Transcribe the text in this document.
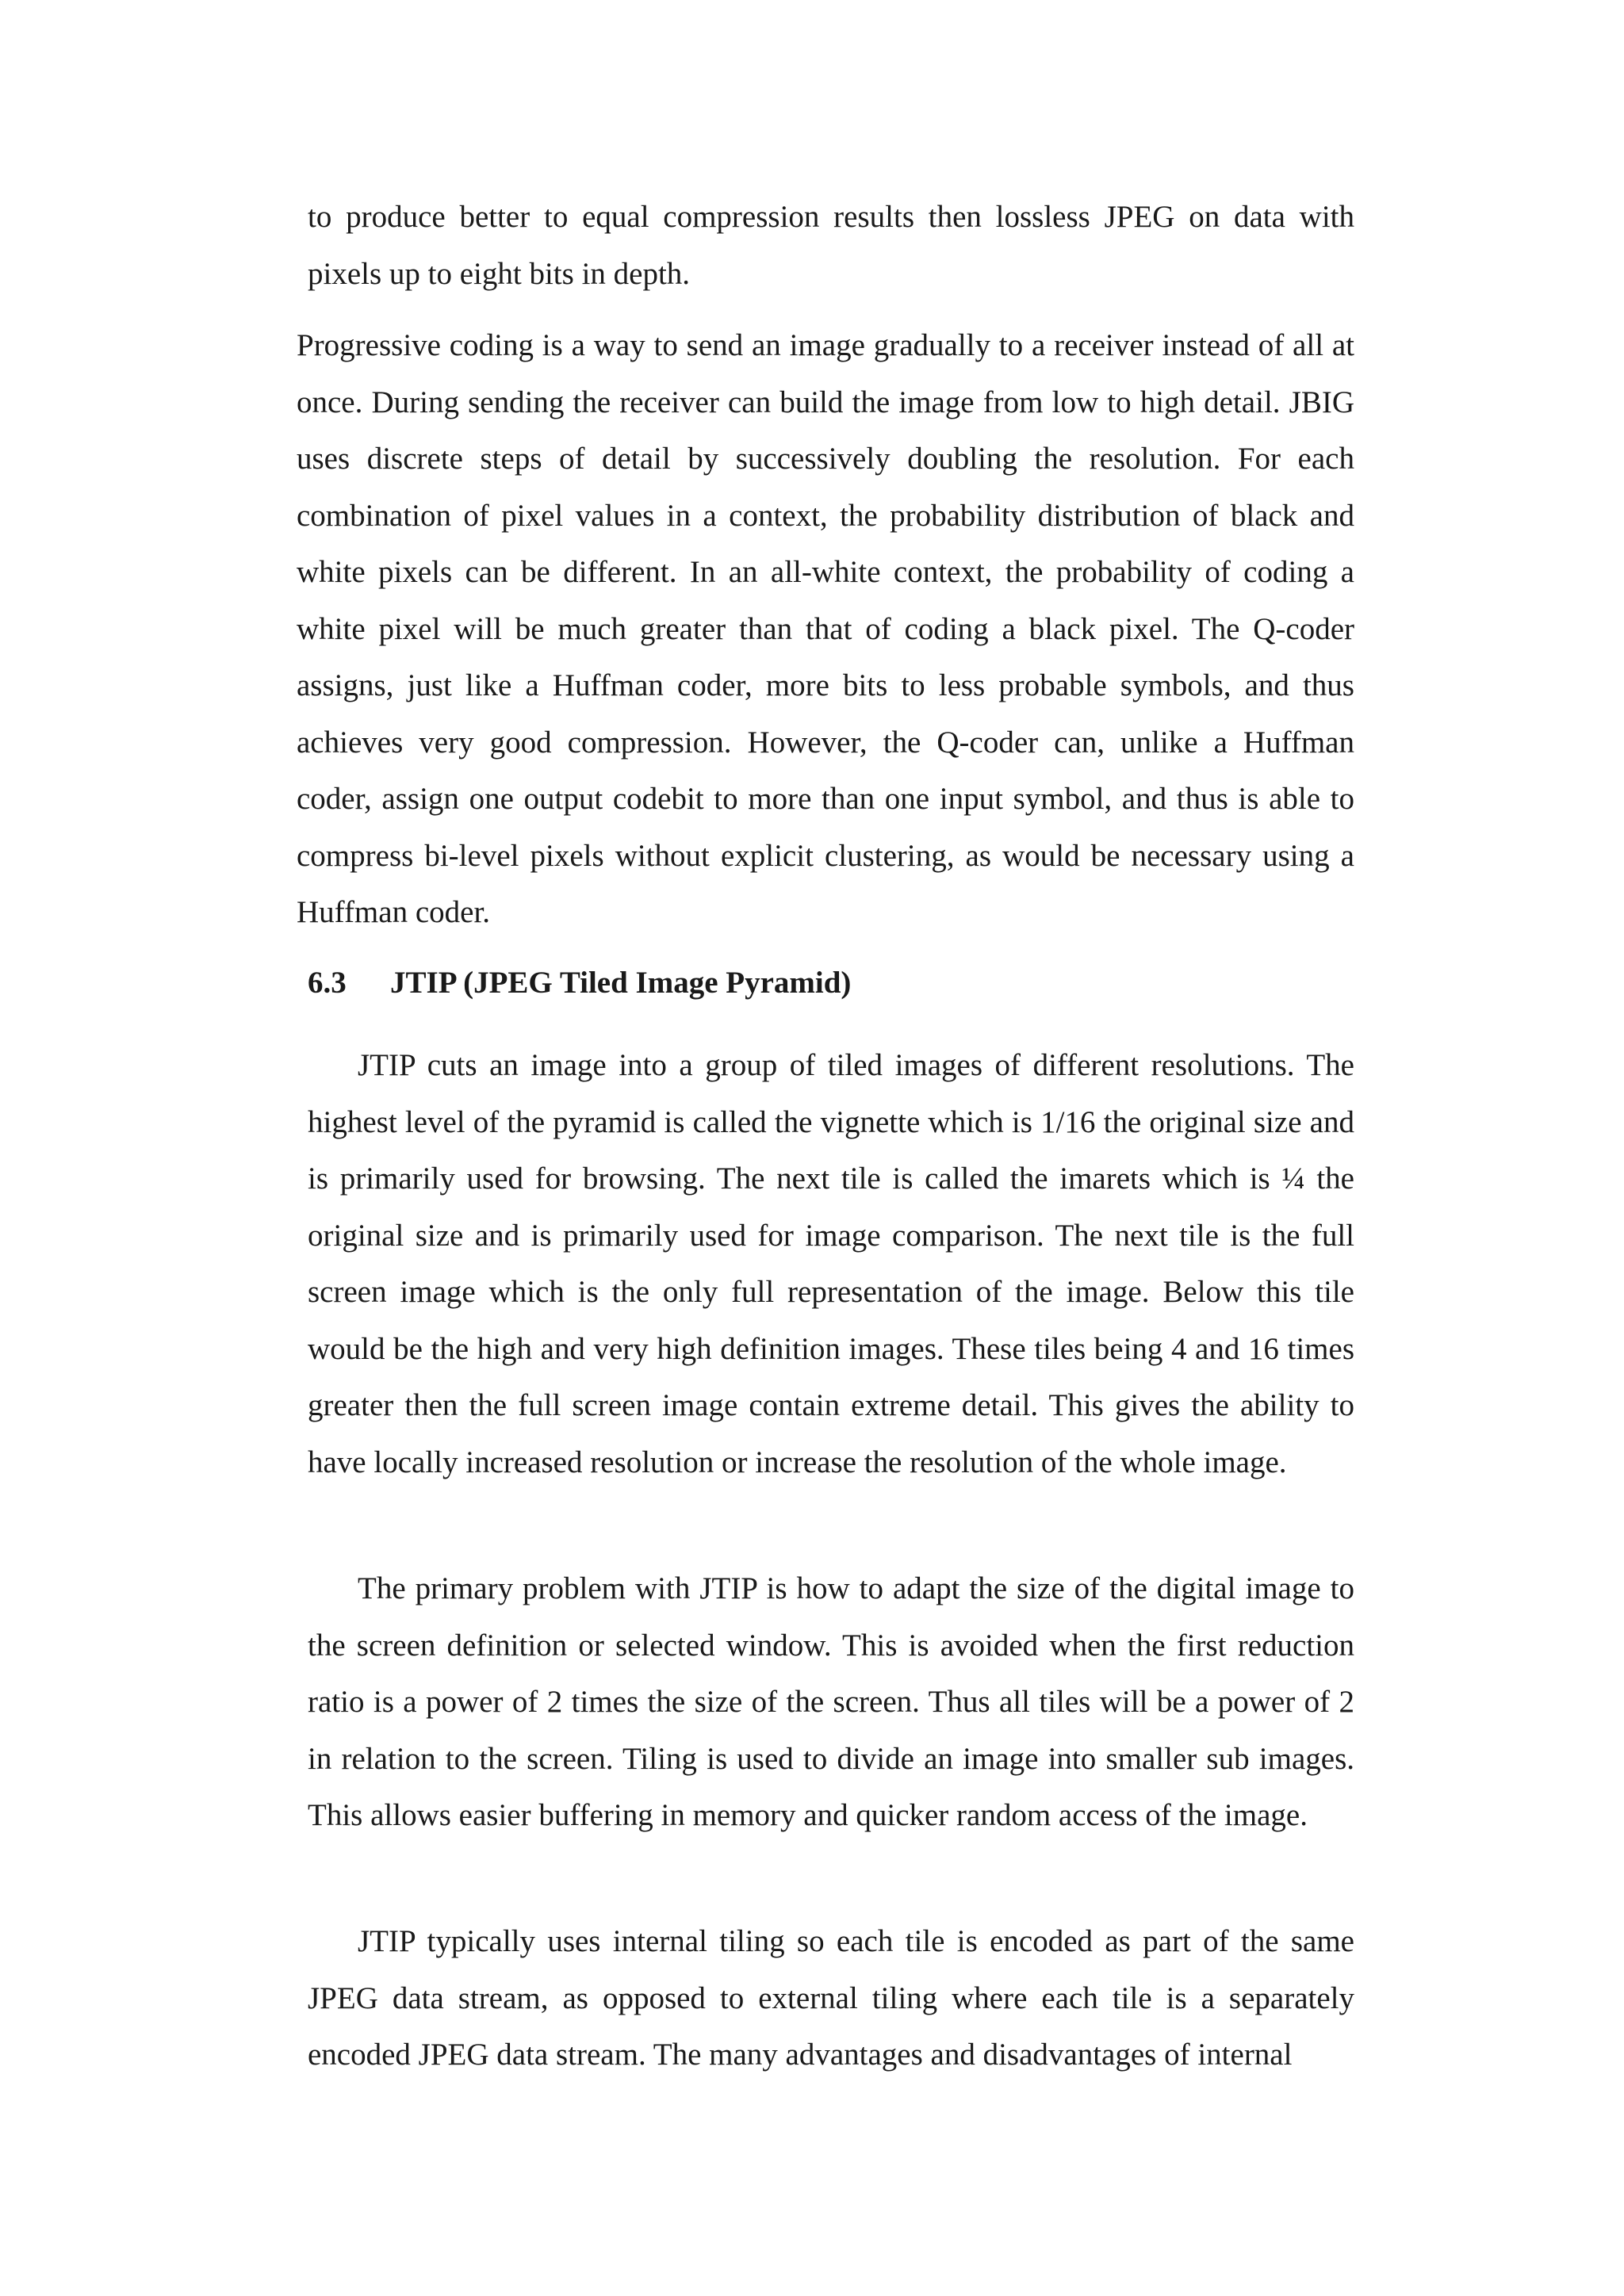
to produce better to equal compression results then lossless JPEG on data with pixels up to eight bits in depth.
Progressive coding is a way to send an image gradually to a receiver instead of all at once. During sending the receiver can build the image from low to high detail. JBIG uses discrete steps of detail by successively doubling the resolution. For each combination of pixel values in a context, the probability distribution of black and white pixels can be different. In an all-white context, the probability of coding a white pixel will be much greater than that of coding a black pixel. The Q-coder assigns, just like a Huffman coder, more bits to less probable symbols, and thus achieves very good compression. However, the Q-coder can, unlike a Huffman coder, assign one output codebit to more than one input symbol, and thus is able to compress bi-level pixels without explicit clustering, as would be necessary using a Huffman coder.
6.3 JTIP (JPEG Tiled Image Pyramid)
JTIP cuts an image into a group of tiled images of different resolutions. The highest level of the pyramid is called the vignette which is 1/16 the original size and is primarily used for browsing. The next tile is called the imarets which is ¼ the original size and is primarily used for image comparison. The next tile is the full screen image which is the only full representation of the image. Below this tile would be the high and very high definition images. These tiles being 4 and 16 times greater then the full screen image contain extreme detail. This gives the ability to have locally increased resolution or increase the resolution of the whole image.
The primary problem with JTIP is how to adapt the size of the digital image to the screen definition or selected window. This is avoided when the first reduction ratio is a power of 2 times the size of the screen. Thus all tiles will be a power of 2 in relation to the screen. Tiling is used to divide an image into smaller sub images. This allows easier buffering in memory and quicker random access of the image.
JTIP typically uses internal tiling so each tile is encoded as part of the same JPEG data stream, as opposed to external tiling where each tile is a separately encoded JPEG data stream. The many advantages and disadvantages of internal
